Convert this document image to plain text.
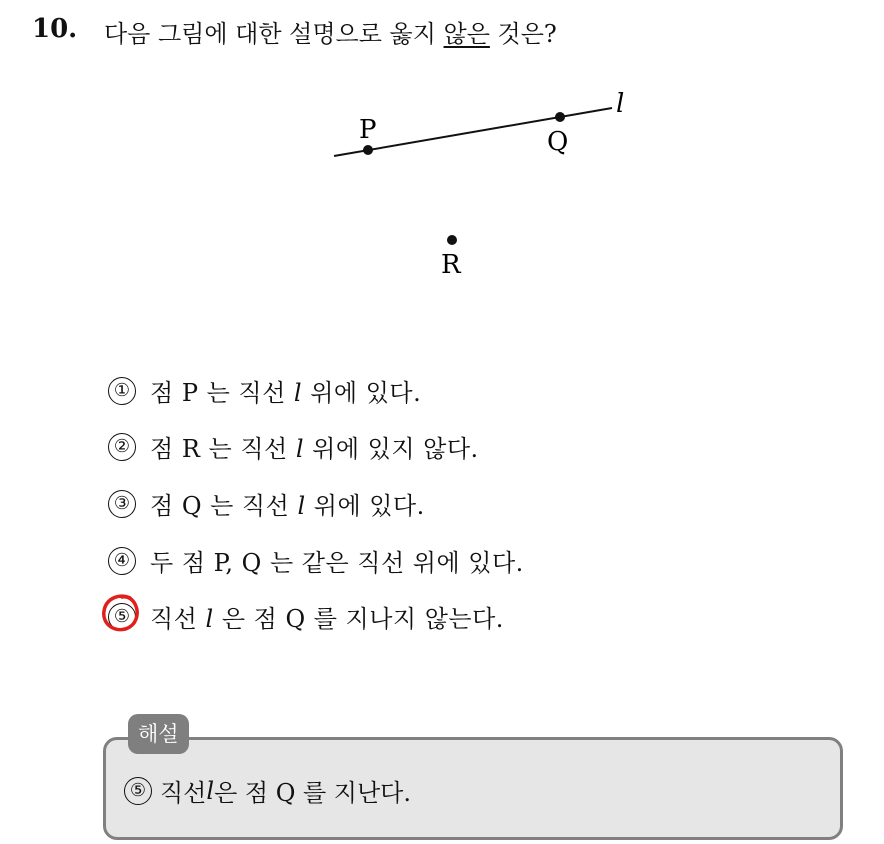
10. 다음 그림에 대한 설명으로 옳지 않은 것은?
l
P	Q
R
① 점 P 는 직선 l 위에 있다.
② 점 R 는 직선 l 위에 있지 않다.
③ 점 Q 는 직선 l 위에 있다.
④ 두 점 P, Q 는 같은 직선 위에 있다.
⑤ 직선 l 은 점 Q 를 지나지 않는다.
해설
⑤ 직선 l 은 점 Q 를 지난다.
